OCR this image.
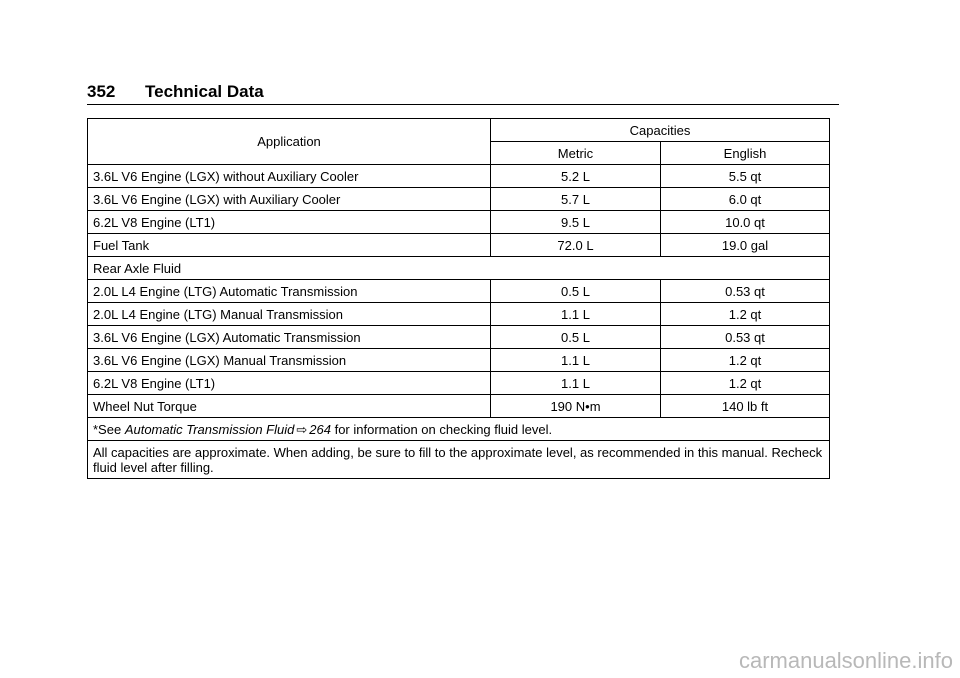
352 Technical Data
Application	Capacities	
	Metric	English
3.6L V6 Engine (LGX) without Auxiliary Cooler	5.2 L	5.5 qt
3.6L V6 Engine (LGX) with Auxiliary Cooler	5.7 L	6.0 qt
6.2L V8 Engine (LT1)	9.5 L	10.0 qt
Fuel Tank	72.0 L	19.0 gal
Rear Axle Fluid		
2.0L L4 Engine (LTG) Automatic Transmission	0.5 L	0.53 qt
2.0L L4 Engine (LTG) Manual Transmission	1.1 L	1.2 qt
3.6L V6 Engine (LGX) Automatic Transmission	0.5 L	0.53 qt
3.6L V6 Engine (LGX) Manual Transmission	1.1 L	1.2 qt
6.2L V8 Engine (LT1)	1.1 L	1.2 qt
Wheel Nut Torque	190 N•m	140 lb ft
*See Automatic Transmission Fluid ⇨ 264 for information on checking fluid level.		
All capacities are approximate. When adding, be sure to fill to the approximate level, as recommended in this manual. Recheck fluid level after filling.		
carmanualsonline.info
